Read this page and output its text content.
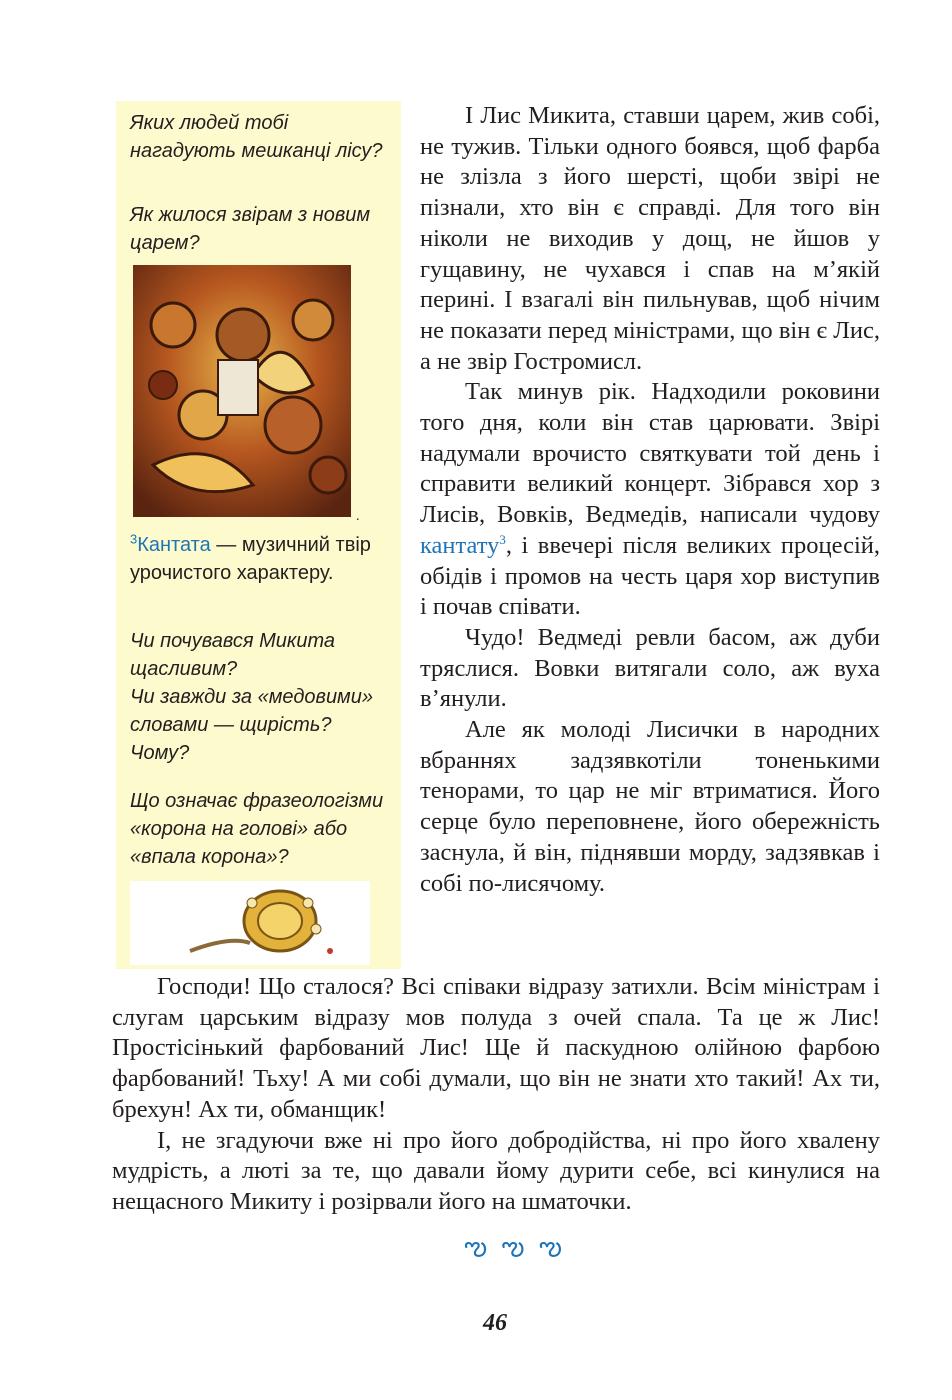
Яких людей тобі нагадують мешканці лісу?
Як жилося звірам з новим царем?
.
$^3$Кантата — музичний твір урочистого характеру.
Чи почувався Микита щасливим?
Чи завжди за «медовими» словами — щирість? Чому?
Що означає фразеологізми «корона на голові» або «впала корона»?

І Лис Микита, ставши царем, жив собі, не тужив. Тільки одного боявся, щоб фарба не злізла з його шерсті, щоби звірі не пізнали, хто він є справді. Для того він ніколи не виходив у дощ, не йшов у гущавину, не чухався і спав на м’якій перині. І взагалі він пильнував, щоб нічим не показати перед міністрами, що він є Лис, а не звір Гостромисл.

Так минув рік. Надходили роковини того дня, коли він став царювати. Звірі надумали врочисто святкувати той день і справити великий концерт. Зібрався хор з Лисів, Вовків, Ведмедів, написали чудову кантату$^3$, і ввечері після великих процесій, обідів і промов на честь царя хор виступив і почав співати.

Чудо! Ведмеді ревли басом, аж дуби тряслися. Вовки витягали соло, аж вуха в’янули.

Але як молоді Лисички в народних вбраннях задзявкотіли тоненькими тенорами, то цар не міг втриматися. Його серце було переповнене, його обережність заснула, й він, піднявши морду, задзявкав і собі по-лисячому.

Господи! Що сталося? Всі співаки відразу затихли. Всім міністрам і слугам царським відразу мов полуда з очей спала. Та це ж Лис! Простісінький фарбований Лис! Ще й паскудною олійною фарбою фарбований! Тьху! А ми собі думали, що він не знати хто такий! Ах ти, брехун! Ах ти, обманщик!

І, не згадуючи вже ні про його добродійства, ні про його хвалену мудрість, а люті за те, що давали йому дурити себе, всі кинулися на нещасного Микиту і розірвали його на шматочки.

ఌ ఌ ఌ
46
